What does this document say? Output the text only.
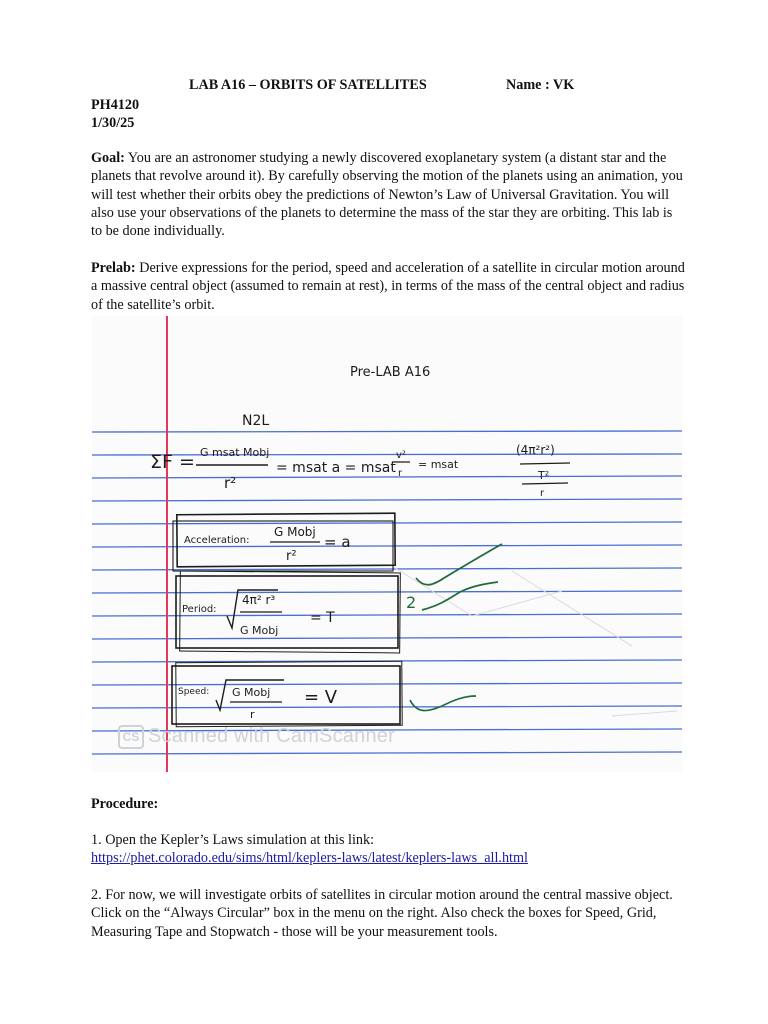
LAB A16 – ORBITS OF SATELLITES	Name : VK
PH4120
1/30/25
Goal: You are an astronomer studying a newly discovered exoplanetary system (a distant star and the planets that revolve around it). By carefully observing the motion of the planets using an animation, you will test whether their orbits obey the predictions of Newton’s Law of Universal Gravitation. You will also use your observations of the planets to determine the mass of the star they are orbiting. This lab is to be done individually.
Prelab: Derive expressions for the period, speed and acceleration of a satellite in circular motion around a massive central object (assumed to remain at rest), in terms of the mass of the central object and radius of the satellite’s orbit.
Pre-LAB A16
N2L
ΣF = G msat Mobj
r²
= msat a = msat
v²
r
= msat
(4π²r²)
T²
r
Acceleration:
G Mobj
r²
= a
Period:
4π² r³
G Mobj
= T
2
Speed: G Mobj
r
= V
CS Scanned with CamScanner
Procedure:
1. Open the Kepler’s Laws simulation at this link:
https://phet.colorado.edu/sims/html/keplers-laws/latest/keplers-laws_all.html
2. For now, we will investigate orbits of satellites in circular motion around the central massive object. Click on the “Always Circular” box in the menu on the right. Also check the boxes for Speed, Grid, Measuring Tape and Stopwatch - those will be your measurement tools.
